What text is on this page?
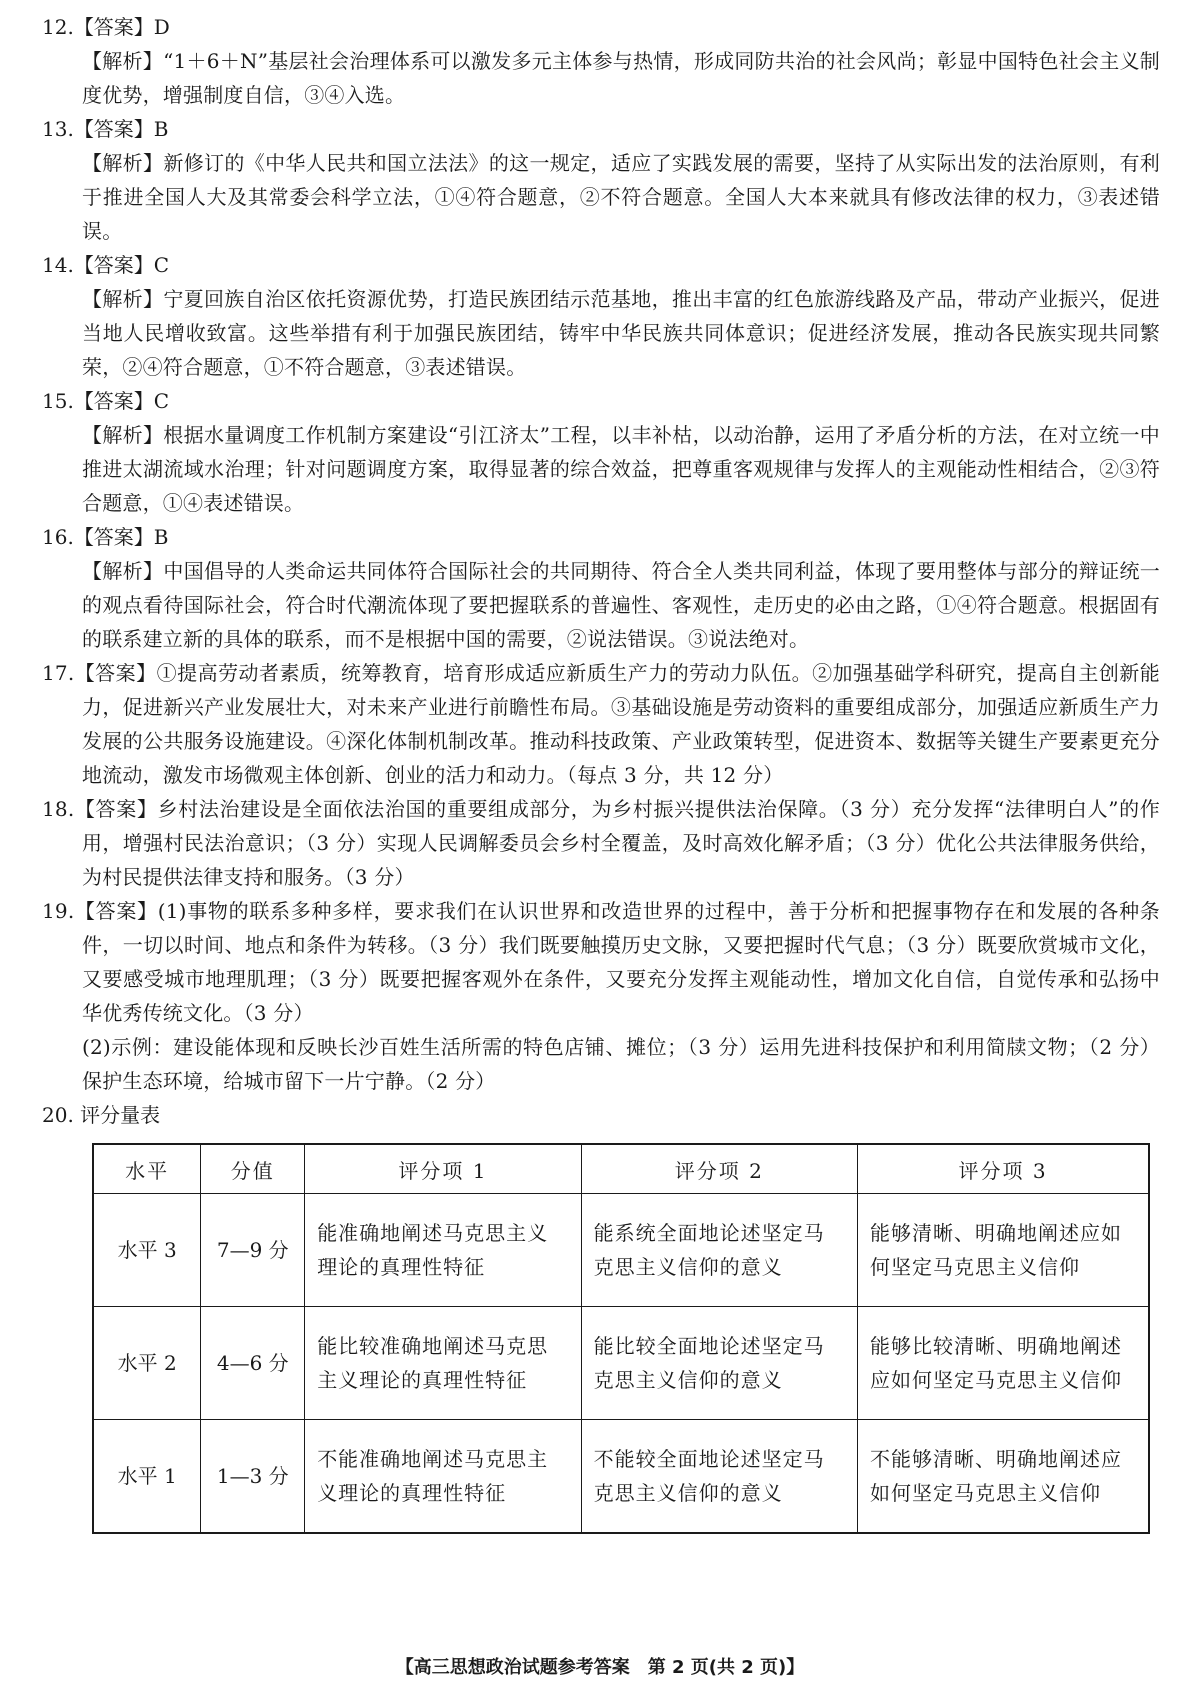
12.【答案】D
【解析】“1＋6＋N”基层社会治理体系可以激发多元主体参与热情，形成同防共治的社会风尚；彰显中国特色社会主义制度优势，增强制度自信，③④入选。
13.【答案】B
【解析】新修订的《中华人民共和国立法法》的这一规定，适应了实践发展的需要，坚持了从实际出发的法治原则，有利于推进全国人大及其常委会科学立法，①④符合题意，②不符合题意。全国人大本来就具有修改法律的权力，③表述错误。
14.【答案】C
【解析】宁夏回族自治区依托资源优势，打造民族团结示范基地，推出丰富的红色旅游线路及产品，带动产业振兴，促进当地人民增收致富。这些举措有利于加强民族团结，铸牢中华民族共同体意识；促进经济发展，推动各民族实现共同繁荣，②④符合题意，①不符合题意，③表述错误。
15.【答案】C
【解析】根据水量调度工作机制方案建设“引江济太”工程，以丰补枯，以动治静，运用了矛盾分析的方法，在对立统一中推进太湖流域水治理；针对问题调度方案，取得显著的综合效益，把尊重客观规律与发挥人的主观能动性相结合，②③符合题意，①④表述错误。
16.【答案】B
【解析】中国倡导的人类命运共同体符合国际社会的共同期待、符合全人类共同利益，体现了要用整体与部分的辩证统一的观点看待国际社会，符合时代潮流体现了要把握联系的普遍性、客观性，走历史的必由之路，①④符合题意。根据固有的联系建立新的具体的联系，而不是根据中国的需要，②说法错误。③说法绝对。
17.【答案】①提高劳动者素质，统筹教育，培育形成适应新质生产力的劳动力队伍。②加强基础学科研究，提高自主创新能力，促进新兴产业发展壮大，对未来产业进行前瞻性布局。③基础设施是劳动资料的重要组成部分，加强适应新质生产力发展的公共服务设施建设。④深化体制机制改革。推动科技政策、产业政策转型，促进资本、数据等关键生产要素更充分地流动，激发市场微观主体创新、创业的活力和动力。（每点 3 分，共 12 分）
18.【答案】乡村法治建设是全面依法治国的重要组成部分，为乡村振兴提供法治保障。（3 分）充分发挥“法律明白人”的作用，增强村民法治意识；（3 分）实现人民调解委员会乡村全覆盖，及时高效化解矛盾；（3 分）优化公共法律服务供给，为村民提供法律支持和服务。（3 分）
19.【答案】(1)事物的联系多种多样，要求我们在认识世界和改造世界的过程中，善于分析和把握事物存在和发展的各种条件，一切以时间、地点和条件为转移。（3 分）我们既要触摸历史文脉，又要把握时代气息；（3 分）既要欣赏城市文化，又要感受城市地理肌理；（3 分）既要把握客观外在条件，又要充分发挥主观能动性，增加文化自信，自觉传承和弘扬中华优秀传统文化。（3 分）
(2)示例：建设能体现和反映长沙百姓生活所需的特色店铺、摊位；（3 分）运用先进科技保护和利用简牍文物；（2 分）保护生态环境，给城市留下一片宁静。（2 分）
20. 评分量表
水平	分值	评分项 1	评分项 2	评分项 3
水平 3	7—9 分	能准确地阐述马克思主义理论的真理性特征	能系统全面地论述坚定马克思主义信仰的意义	能够清晰、明确地阐述应如何坚定马克思主义信仰
水平 2	4—6 分	能比较准确地阐述马克思主义理论的真理性特征	能比较全面地论述坚定马克思主义信仰的意义	能够比较清晰、明确地阐述应如何坚定马克思主义信仰
水平 1	1—3 分	不能准确地阐述马克思主义理论的真理性特征	不能较全面地论述坚定马克思主义信仰的意义	不能够清晰、明确地阐述应如何坚定马克思主义信仰
【高三思想政治试题参考答案　第 2 页(共 2 页)】
